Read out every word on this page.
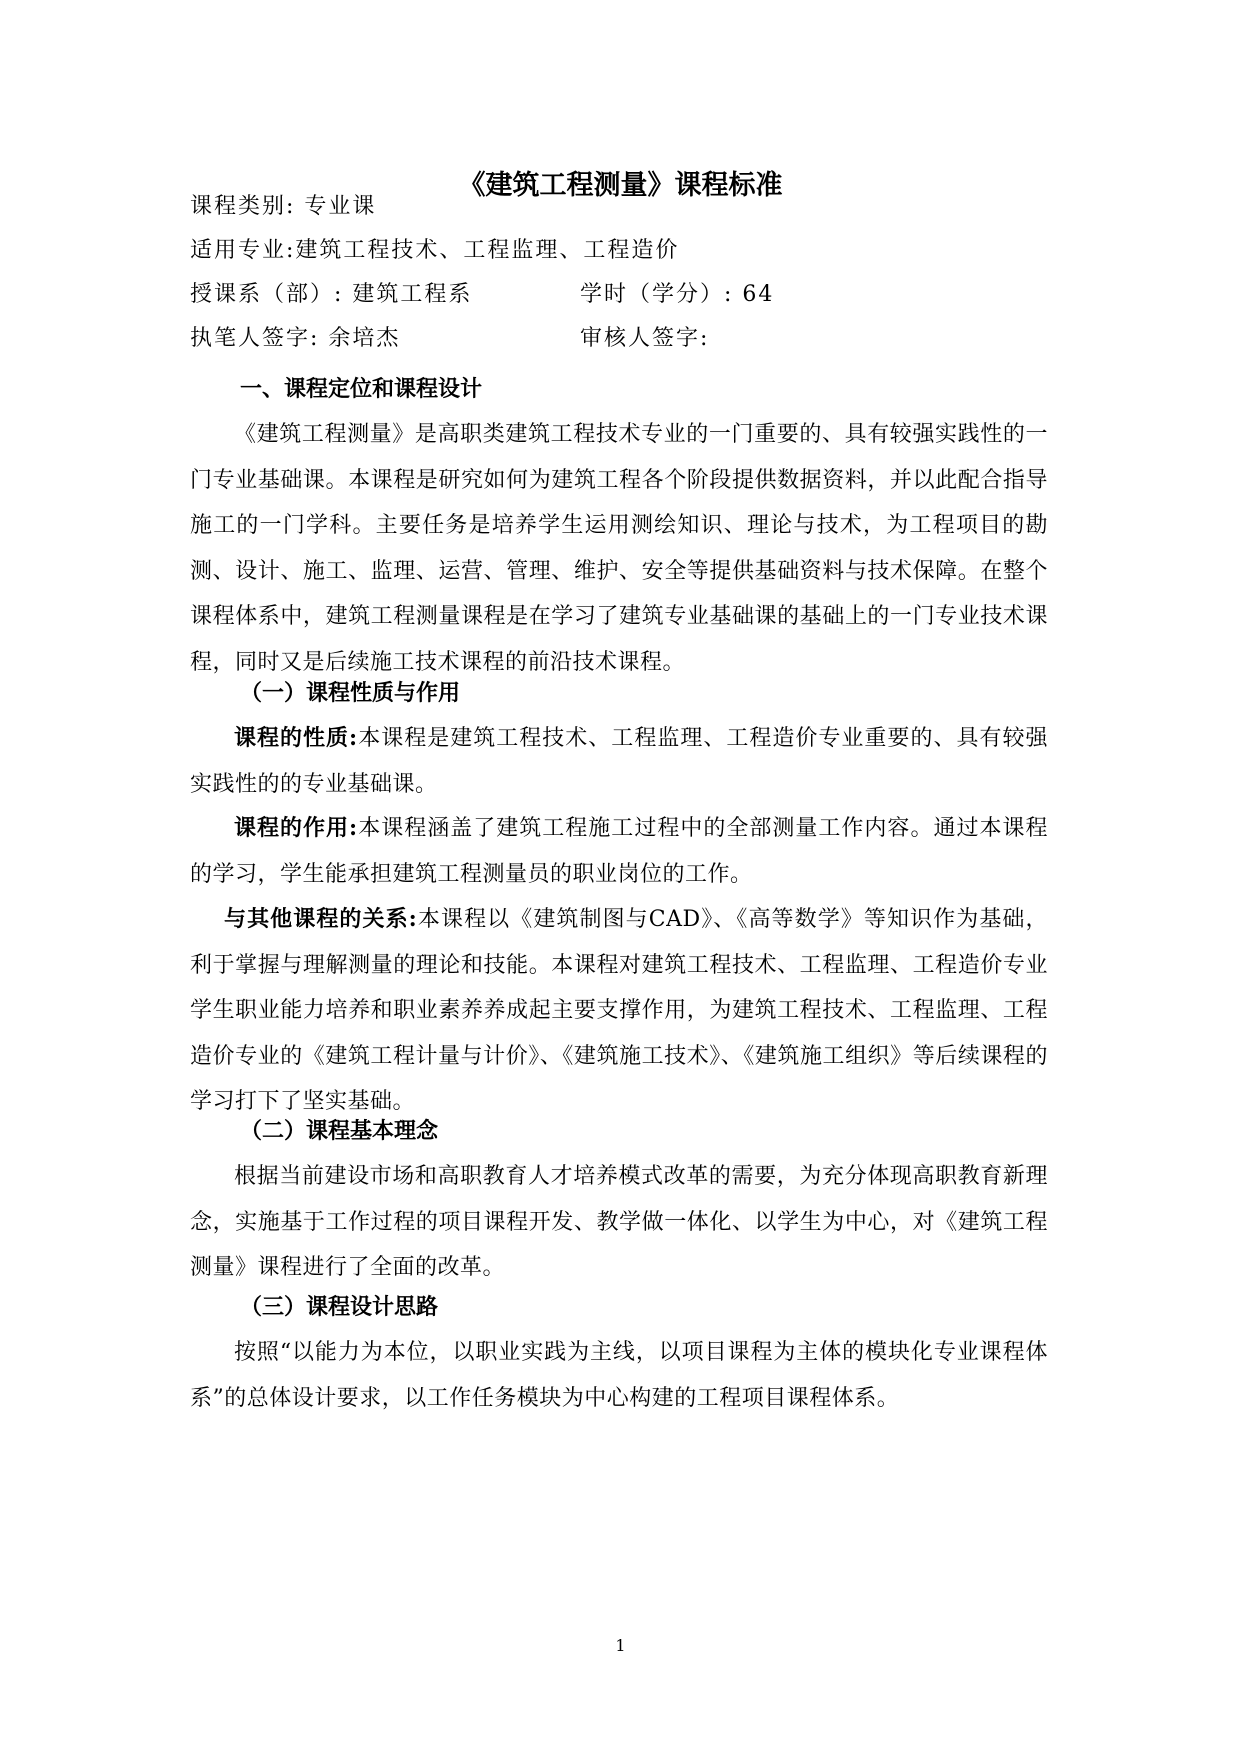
《建筑工程测量》课程标准
课程类别: 专业课
适用专业:建筑工程技术、工程监理、工程造价
授课系（部）: 建筑工程系	学时（学分）: 64
执笔人签字: 余培杰	审核人签字:
一、课程定位和课程设计
《建筑工程测量》是高职类建筑工程技术专业的一门重要的、具有较强实践性的一门专业基础课。本课程是研究如何为建筑工程各个阶段提供数据资料，并以此配合指导施工的一门学科。主要任务是培养学生运用测绘知识、理论与技术，为工程项目的勘测、设计、施工、监理、运营、管理、维护、安全等提供基础资料与技术保障。在整个课程体系中，建筑工程测量课程是在学习了建筑专业基础课的基础上的一门专业技术课程，同时又是后续施工技术课程的前沿技术课程。
（一）课程性质与作用
课程的性质:本课程是建筑工程技术、工程监理、工程造价专业重要的、具有较强实践性的的专业基础课。
课程的作用:本课程涵盖了建筑工程施工过程中的全部测量工作内容。通过本课程的学习，学生能承担建筑工程测量员的职业岗位的工作。
与其他课程的关系:本课程以《建筑制图与CAD》、《高等数学》等知识作为基础，利于掌握与理解测量的理论和技能。本课程对建筑工程技术、工程监理、工程造价专业学生职业能力培养和职业素养养成起主要支撑作用，为建筑工程技术、工程监理、工程造价专业的《建筑工程计量与计价》、《建筑施工技术》、《建筑施工组织》等后续课程的学习打下了坚实基础。
（二）课程基本理念
根据当前建设市场和高职教育人才培养模式改革的需要，为充分体现高职教育新理念，实施基于工作过程的项目课程开发、教学做一体化、以学生为中心，对《建筑工程测量》课程进行了全面的改革。
（三）课程设计思路
按照“以能力为本位，以职业实践为主线，以项目课程为主体的模块化专业课程体系”的总体设计要求，以工作任务模块为中心构建的工程项目课程体系。
1
